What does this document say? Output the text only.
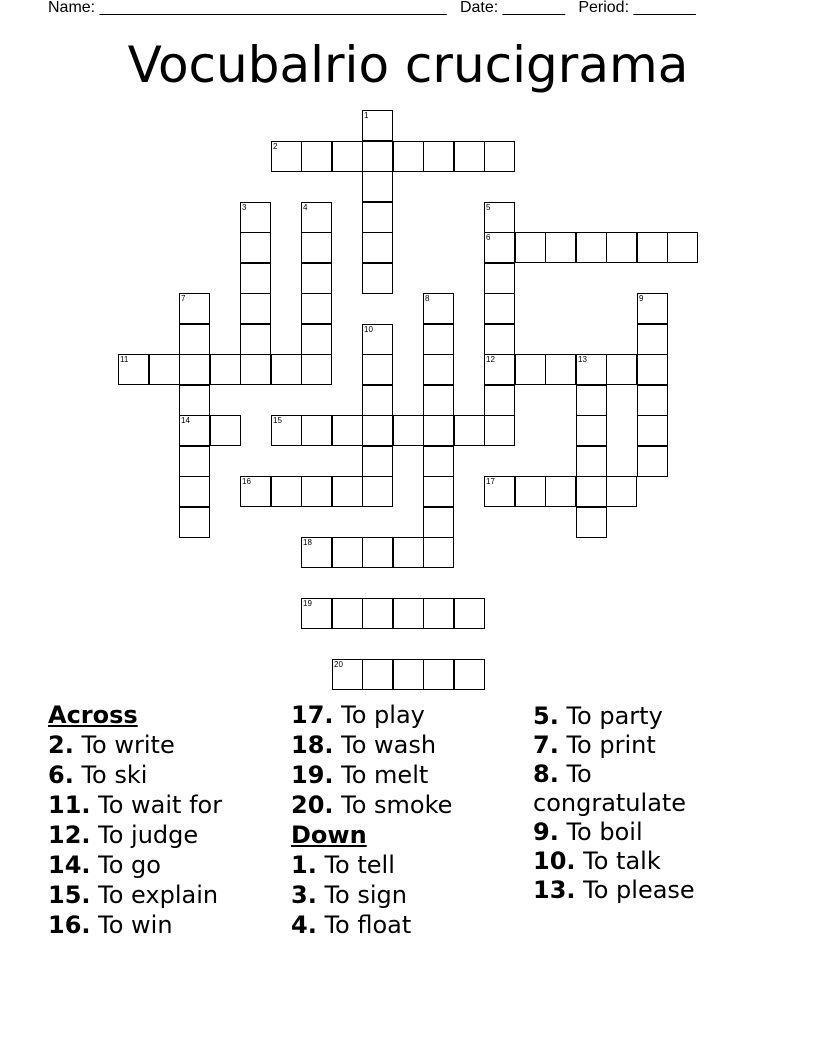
Name: _______________________________________ Date: _______ Period: _______
Vocubalrio crucigrama
1
2
3	4	5
6
12
7
14
8	9
10
11	13
15
16	17
18
19
20
Across
2. To write
6. To ski
11. To wait for
12. To judge
14. To go
15. To explain
16. To win
17. To play
18. To wash
19. To melt
20. To smoke
Down
1. To tell
3. To sign
4. To float
5. To party
7. To print
8. To congratulate
9. To boil
10. To talk
13. To please
